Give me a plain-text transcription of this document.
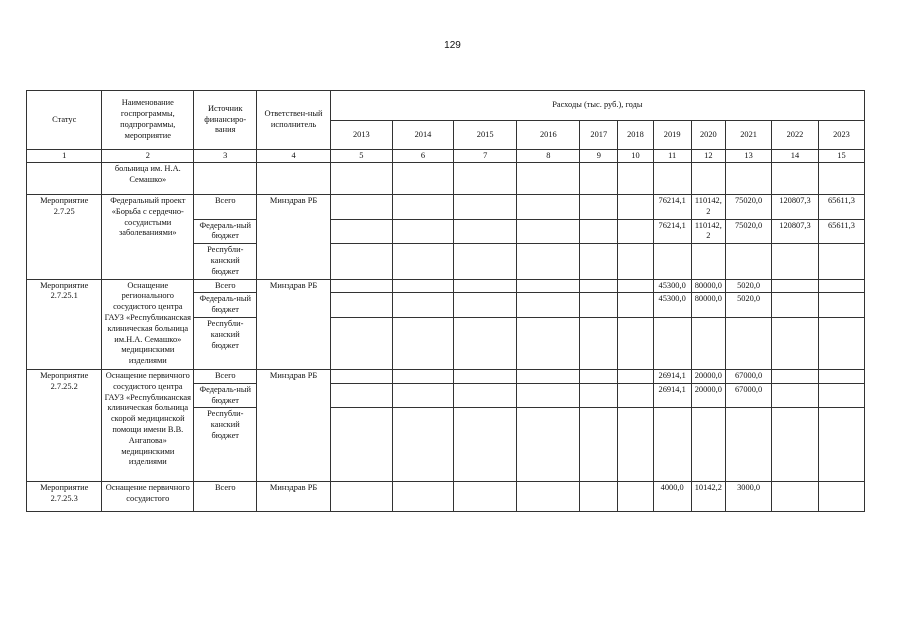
129
Статус	Наименование госпрограммы, подпрограммы, мероприятие	Источник финансиро-вания	Ответствен-ный исполнитель	Расходы (тыс. руб.), годы										
				2013	2014	2015	2016	2017	2018	2019	2020	2021	2022	2023
1	2	3	4	5	6	7	8	9	10	11	12	13	14	15
	больница им. Н.А. Семашко»													
Мероприятие 2.7.25	Федеральный проект «Борьба с сердечно-сосудистыми заболеваниями»	Всего	Минздрав РБ							76214,1	110142,2	75020,0	120807,3	65611,3
		Федераль-ный бюджет								76214,1	110142,2	75020,0	120807,3	65611,3
		Республи-канский бюджет												
Мероприятие 2.7.25.1	Оснащение регионального сосудистого центра ГАУЗ «Республиканская клиническая больница им.Н.А. Семашко» медицинскими изделиями	Всего	Минздрав РБ							45300,0	80000,0	5020,0		
		Федераль-ный бюджет								45300,0	80000,0	5020,0		
		Республи-канский бюджет												
Мероприятие 2.7.25.2	Оснащение первичного сосудистого центра ГАУЗ «Республиканская клиническая больница скорой медицинской помощи имени В.В. Ангапова» медицинскими изделиями	Всего	Минздрав РБ							26914,1	20000,0	67000,0		
		Федераль-ный бюджет								26914,1	20000,0	67000,0		
		Республи-канский бюджет												
Мероприятие 2.7.25.3	Оснащение первичного сосудистого	Всего	Минздрав РБ							4000,0	10142,2	3000,0		
